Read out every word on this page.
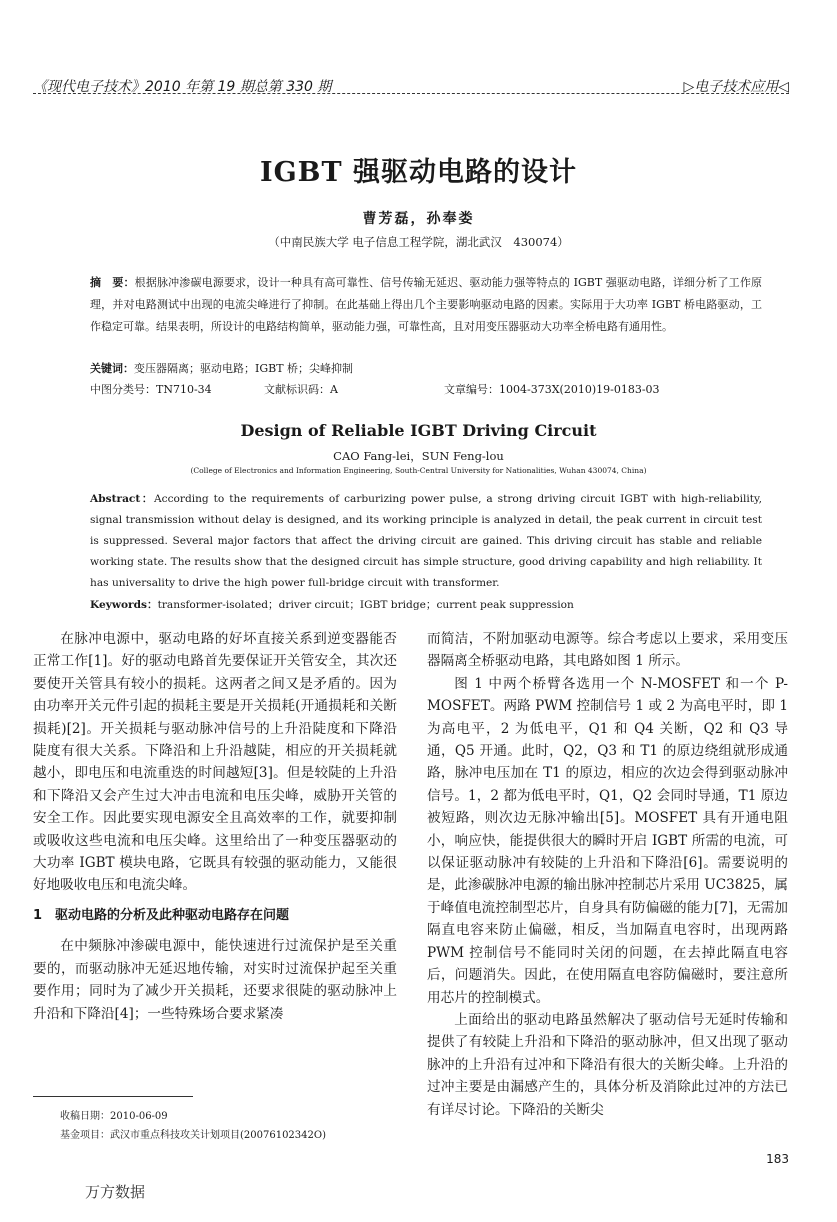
《现代电子技术》2010 年第 19 期总第 330 期	▷电子技术应用◁
IGBT 强驱动电路的设计
曹芳磊，孙奉娄
（中南民族大学 电子信息工程学院，湖北武汉　430074）
摘　要：根据脉冲渗碳电源要求，设计一种具有高可靠性、信号传输无延迟、驱动能力强等特点的 IGBT 强驱动电路，详细分析了工作原理，并对电路测试中出现的电流尖峰进行了抑制。在此基础上得出几个主要影响驱动电路的因素。实际用于大功率 IGBT 桥电路驱动，工作稳定可靠。结果表明，所设计的电路结构简单，驱动能力强，可靠性高，且对用变压器驱动大功率全桥电路有通用性。
关键词：变压器隔离；驱动电路；IGBT 桥；尖峰抑制
中图分类号：TN710-34	文献标识码：A	文章编号：1004-373X(2010)19-0183-03
Design of Reliable IGBT Driving Circuit
CAO Fang-lei，SUN Feng-lou
(College of Electronics and Information Engineering, South-Central University for Nationalities, Wuhan 430074, China)
Abstract：According to the requirements of carburizing power pulse, a strong driving circuit IGBT with high-reliability, signal transmission without delay is designed, and its working principle is analyzed in detail, the peak current in circuit test is suppressed. Several major factors that affect the driving circuit are gained. This driving circuit has stable and reliable working state. The results show that the designed circuit has simple structure, good driving capability and high reliability. It has universality to drive the high power full-bridge circuit with transformer.
Keywords：transformer-isolated；driver circuit；IGBT bridge；current peak suppression

在脉冲电源中，驱动电路的好坏直接关系到逆变器能否正常工作[1]。好的驱动电路首先要保证开关管安全，其次还要使开关管具有较小的损耗。这两者之间又是矛盾的。因为由功率开关元件引起的损耗主要是开关损耗(开通损耗和关断损耗)[2]。开关损耗与驱动脉冲信号的上升沿陡度和下降沿陡度有很大关系。下降沿和上升沿越陡，相应的开关损耗就越小，即电压和电流重迭的时间越短[3]。但是较陡的上升沿和下降沿又会产生过大冲击电流和电压尖峰，威胁开关管的安全工作。因此要实现电源安全且高效率的工作，就要抑制或吸收这些电流和电压尖峰。这里给出了一种变压器驱动的大功率 IGBT 模块电路，它既具有较强的驱动能力，又能很好地吸收电压和电流尖峰。

1　驱动电路的分析及此种驱动电路存在问题

在中频脉冲渗碳电源中，能快速进行过流保护是至关重要的，而驱动脉冲无延迟地传输，对实时过流保护起至关重要作用；同时为了减少开关损耗，还要求很陡的驱动脉冲上升沿和下降沿[4]；一些特殊场合要求紧凑

而简洁，不附加驱动电源等。综合考虑以上要求，采用变压器隔离全桥驱动电路，其电路如图 1 所示。

图 1 中两个桥臂各选用一个 N-MOSFET 和一个 P-MOSFET。两路 PWM 控制信号 1 或 2 为高电平时，即 1 为高电平，2 为低电平，Q1 和 Q4 关断，Q2 和 Q3 导通，Q5 开通。此时，Q2，Q3 和 T1 的原边绕组就形成通路，脉冲电压加在 T1 的原边，相应的次边会得到驱动脉冲信号。1，2 都为低电平时，Q1，Q2 会同时导通，T1 原边被短路，则次边无脉冲输出[5]。MOSFET 具有开通电阻小，响应快，能提供很大的瞬时开启 IGBT 所需的电流，可以保证驱动脉冲有较陡的上升沿和下降沿[6]。需要说明的是，此渗碳脉冲电源的输出脉冲控制芯片采用 UC3825，属于峰值电流控制型芯片，自身具有防偏磁的能力[7]，无需加隔直电容来防止偏磁，相反，当加隔直电容时，出现两路 PWM 控制信号不能同时关闭的问题，在去掉此隔直电容后，问题消失。因此，在使用隔直电容防偏磁时，要注意所用芯片的控制模式。

上面给出的驱动电路虽然解决了驱动信号无延时传输和提供了有较陡上升沿和下降沿的驱动脉冲，但又出现了驱动脉冲的上升沿有过冲和下降沿有很大的关断尖峰。上升沿的过冲主要是由漏感产生的，具体分析及消除此过冲的方法已有详尽讨论。下降沿的关断尖

收稿日期：2010-06-09
基金项目：武汉市重点科技攻关计划项目(20076102342O)
183
万方数据
